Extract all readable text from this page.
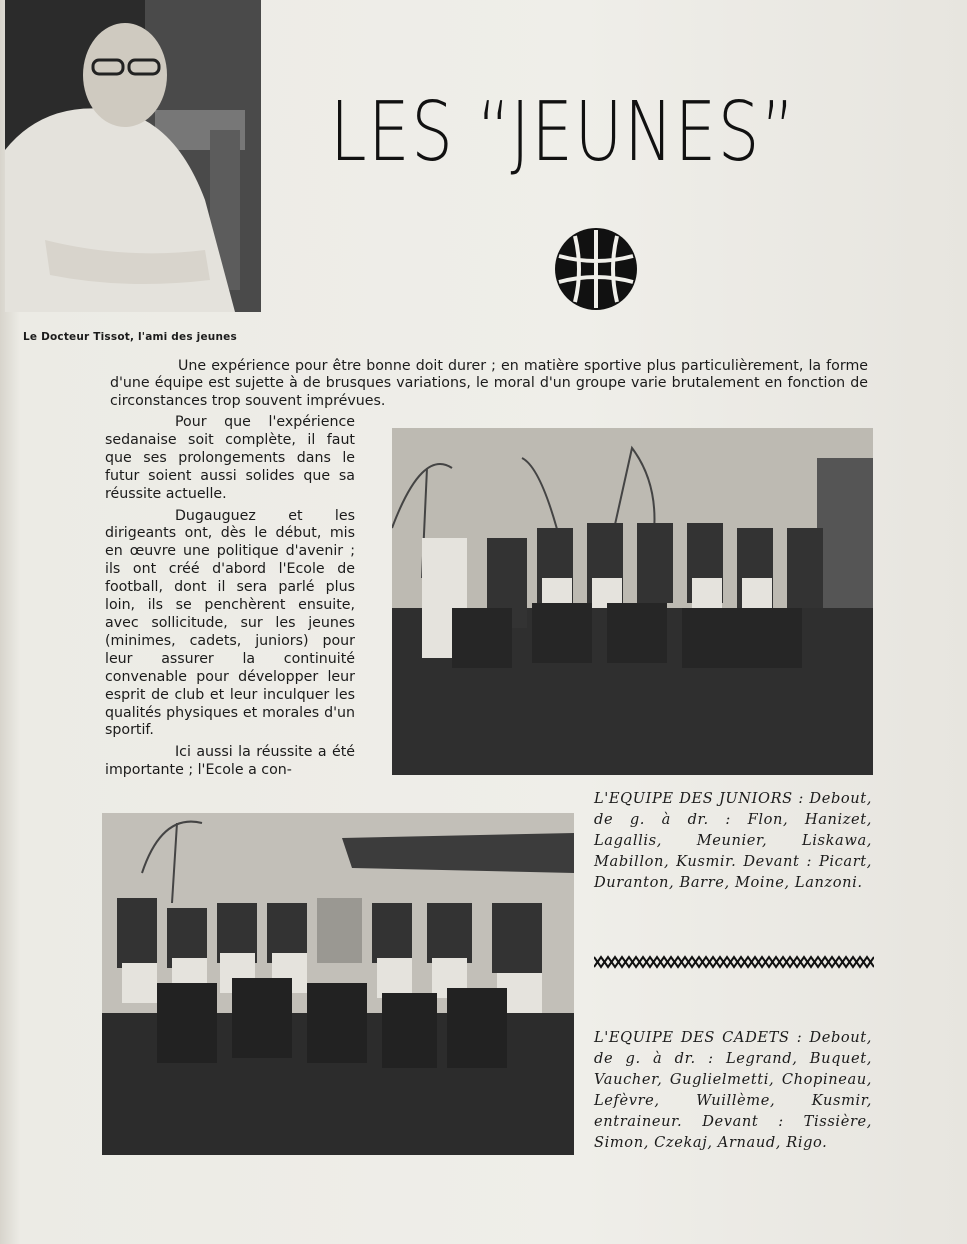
Le Docteur Tissot, l'ami des jeunes
LES “JEUNES”

Une expérience pour être bonne doit durer ; en matière sportive plus particulièrement, la forme d'une équipe est sujette à de brusques variations, le moral d'un groupe varie brutalement en fonction de circonstances trop souvent imprévues.

Pour que l'expérience sedanaise soit complète, il faut que ses prolongements dans le futur soient aussi solides que sa réussite actuelle.

Dugauguez et les dirigeants ont, dès le début, mis en œuvre une politique d'avenir ; ils ont créé d'abord l'Ecole de football, dont il sera parlé plus loin, ils se penchèrent ensuite, avec sollicitude, sur les jeunes (minimes, cadets, juniors) pour leur assurer la continuité convenable pour développer leur esprit de club et leur inculquer les qualités physiques et morales d'un sportif.

Ici aussi la réussite a été importante ; l'Ecole a con-

L'EQUIPE DES JUNIORS : Debout, de g. à dr. : Flon, Hanizet, Lagallis, Meunier, Liskawa, Mabillon, Kusmir. Devant : Picart, Duranton, Barre, Moine, Lanzoni.
L'EQUIPE DES CADETS : Debout, de g. à dr. : Legrand, Buquet, Vaucher, Guglielmetti, Chopineau, Lefèvre, Wuillème, Kusmir, entraineur. Devant : Tissière, Simon, Czekaj, Arnaud, Rigo.
